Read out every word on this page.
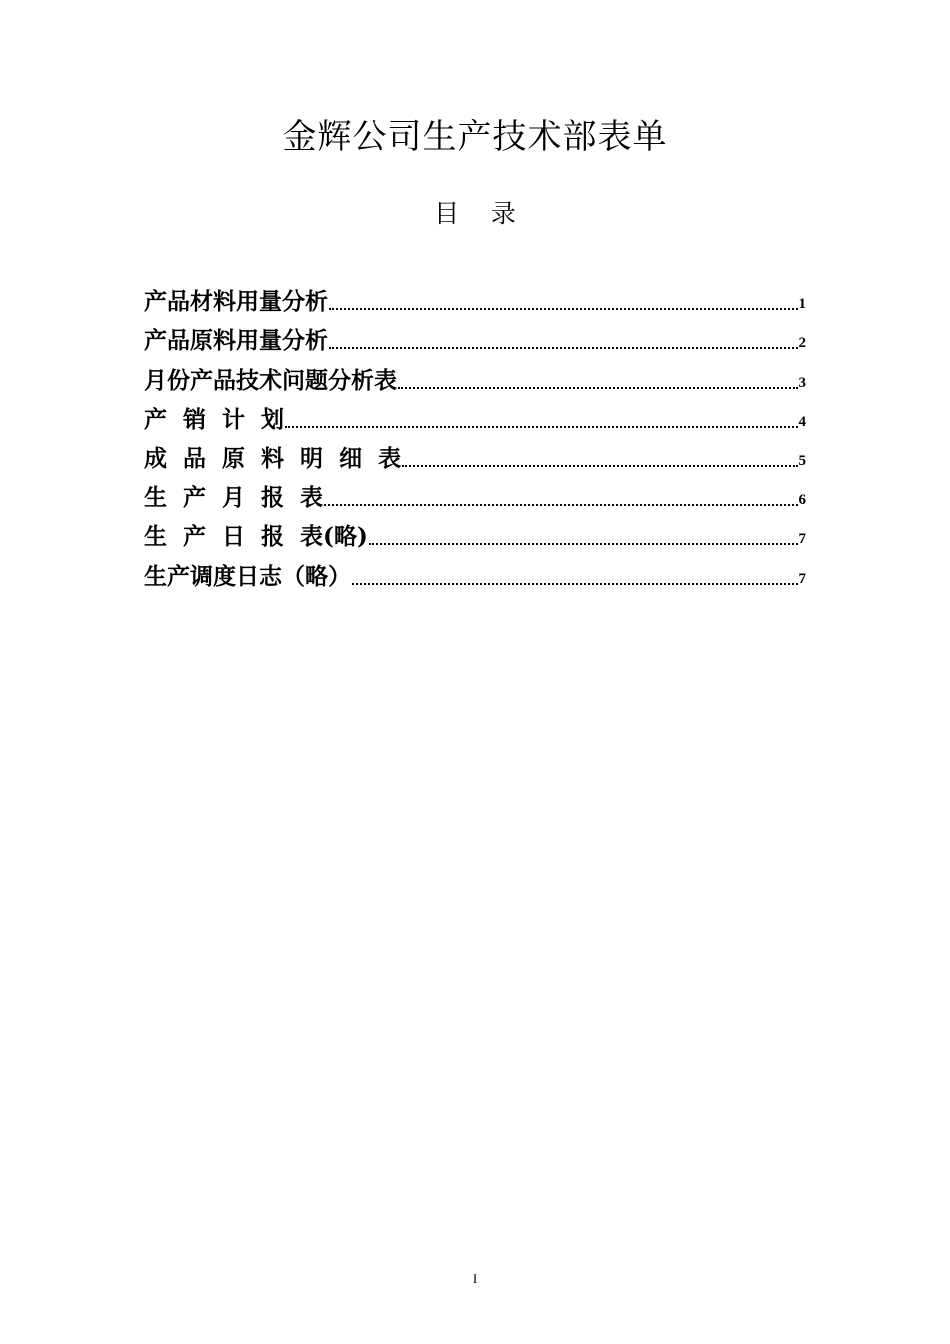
金辉公司生产技术部表单
目    录
产品材料用量分析	1
产品原料用量分析	2
月份产品技术问题分析表	3
产  销  计  划	4
成  品  原  料  明  细  表	5
生  产  月  报  表	6
生  产  日  报  表(略)	7
生产调度日志（略）	7
I
